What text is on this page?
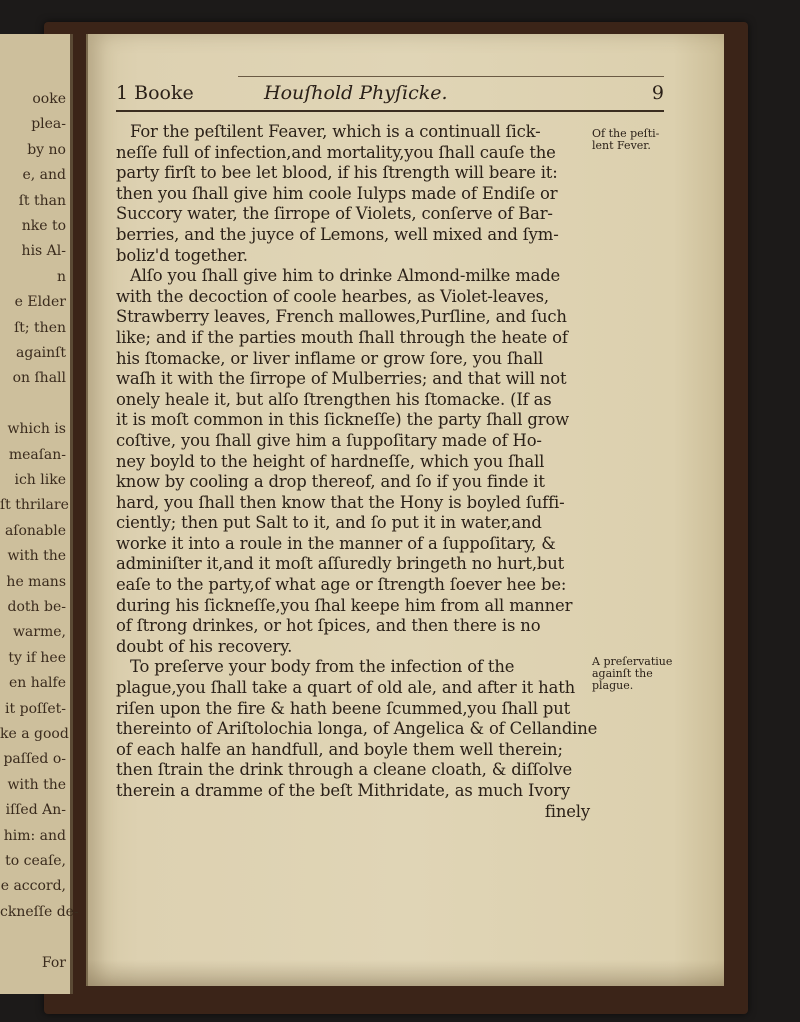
ooke
plea-
by no
e, and
ſt than
nke to
his Al-
n
e Elder
ſt; then
againſt
on ſhall
which is
meaſan-
ich like
ſt thrilare
aſonable
with the
he mans
doth be-
warme,
ty if hee
en halfe
it poſſet-
ke a good
paſſed o-
with the
iſſed An-
him: and
to ceaſe,
e accord,
ckneſſe de-
For
1 Booke	Houſhold Phyſicke.	9
For the peſtilent Feaver, which is a continuall ſick-
neſſe full of infection,and mortality,you ſhall cauſe the
party firſt to bee let blood, if his ſtrength will beare it:
then you ſhall give him coole Iulyps made of Endiſe or
Succory water, the ſirrope of Violets, conſerve of Bar-
berries, and the juyce of Lemons, well mixed and ſym-
boliz'd together.
Alſo you ſhall give him to drinke Almond-milke made
with the decoction of coole hearbes, as Violet-leaves,
Strawberry leaves, French mallowes,Purſline, and ſuch
like; and if the parties mouth ſhall through the heate of
his ſtomacke, or liver inflame or grow ſore, you ſhall
waſh it with the ſirrope of Mulberries; and that will not
onely heale it, but alſo ſtrengthen his ſtomacke. (If as
it is moſt common in this ſickneſſe) the party ſhall grow
coſtive, you ſhall give him a ſuppoſitary made of Ho-
ney boyld to the height of hardneſſe, which you ſhall
know by cooling a drop thereof, and ſo if you finde it
hard, you ſhall then know that the Hony is boyled ſuffi-
ciently; then put Salt to it, and ſo put it in water,and
worke it into a roule in the manner of a ſuppoſitary, &
adminiſter it,and it moſt aſſuredly bringeth no hurt,but
eaſe to the party,of what age or ſtrength ſoever hee be:
during his ſickneſſe,you ſhal keepe him from all manner
of ſtrong drinkes, or hot ſpices, and then there is no
doubt of his recovery.
To preſerve your body from the infection of the
plague,you ſhall take a quart of old ale, and after it hath
riſen upon the fire & hath beene ſcummed,you ſhall put
thereinto of Ariſtolochia longa, of Angelica & of Cellandine
of each halfe an handfull, and boyle them well therein;
then ſtrain the drink through a cleane cloath, & diſſolve
therein a dramme of the beſt Mithridate, as much Ivory
finely
Of the peſti-
lent Fever.
A preſervatiue
againſt the
plague.
